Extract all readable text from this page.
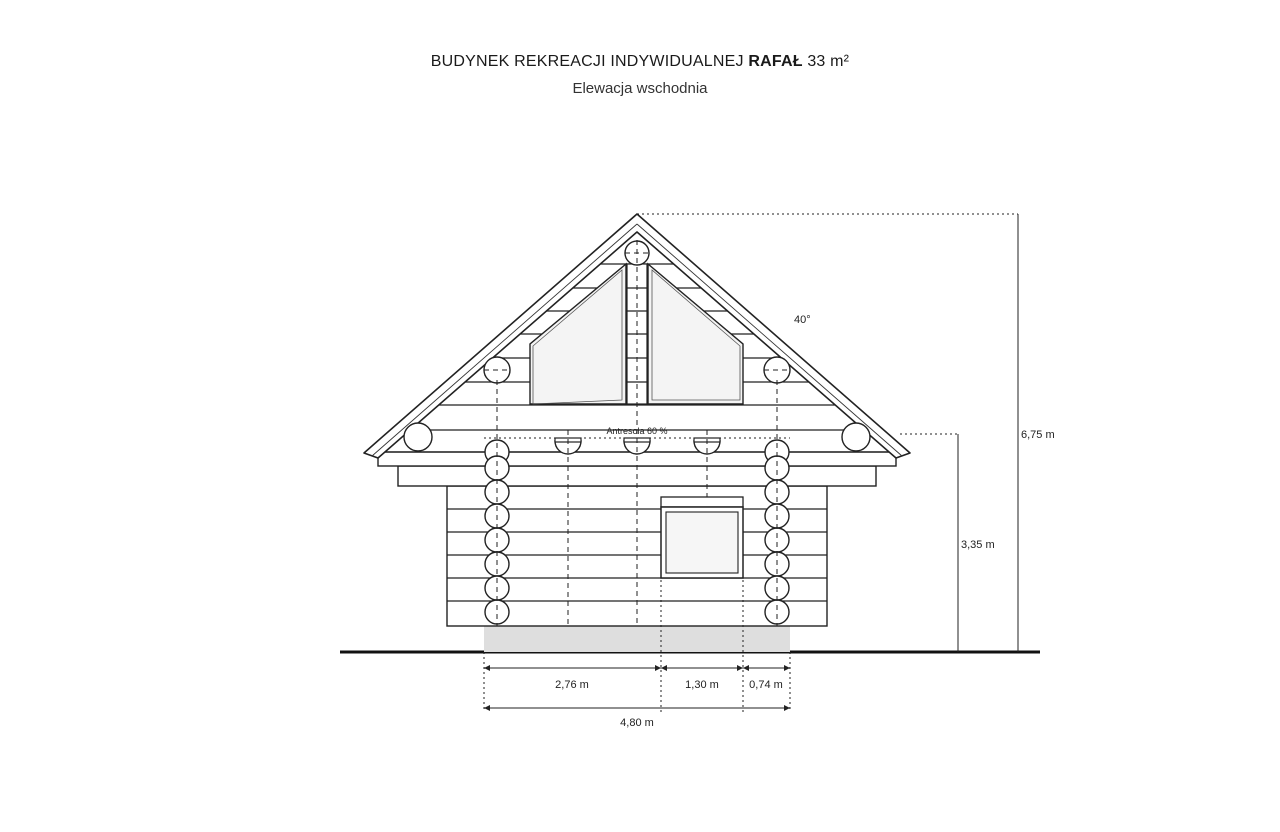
BUDYNEK REKREACJI INDYWIDUALNEJ RAFAŁ 33 m²
Elewacja wschodnia
Antresola 60 %	6,75 m
3,35 m
40°
2,76 m	1,30 m	0,74 m
4,80 m
